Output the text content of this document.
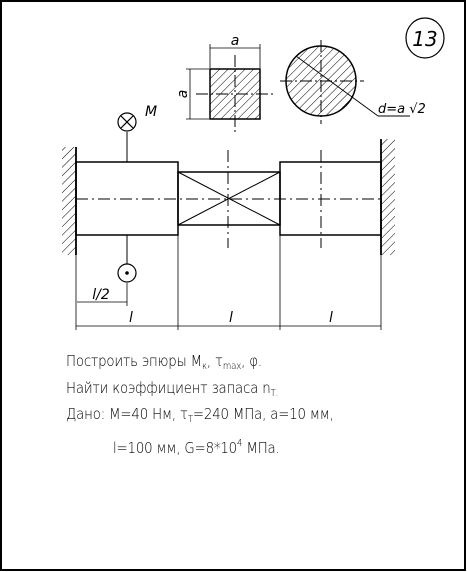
13
a
a
d=a √2
M
l/2
l	l	l
Построить эпюры $M_к$, $\tau_{max}$, φ.
Найти коэффициент запаса $n_{Т.}$
Дано: M=40 Нм, $\tau_Т=240$ МПа, a=10 мм,
l=100 мм, $G=8*10^4$ МПа.
